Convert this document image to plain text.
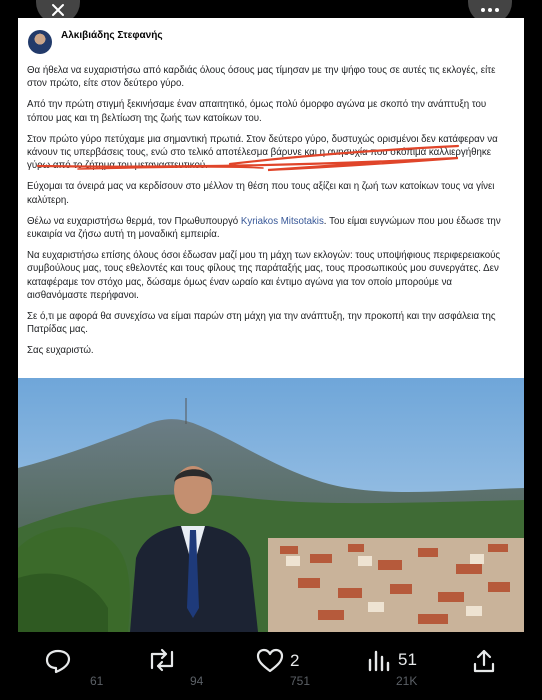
Αλκιβιάδης Στεφανής

Θα ήθελα να ευχαριστήσω από καρδιάς όλους όσους μας τίμησαν με την ψήφο τους σε αυτές τις εκλογές, είτε στον πρώτο, είτε στον δεύτερο γύρο.

Από την πρώτη στιγμή ξεκινήσαμε έναν απαιτητικό, όμως πολύ όμορφο αγώνα με σκοπό την ανάπτυξη του τόπου μας και τη βελτίωση της ζωής των κατοίκων του.

Στον πρώτο γύρο πετύχαμε μια σημαντική πρωτιά. Στον δεύτερο γύρο, δυστυχώς ορισμένοι δεν κατάφεραν να κάνουν τις υπερβάσεις τους, ενώ στο τελικό αποτέλεσμα βάρυνε και η ανησυχία που σκόπιμα καλλιεργήθηκε γύρω από το ζήτημα του μεταναστευτικού.

Εύχομαι τα όνειρά μας να κερδίσουν στο μέλλον τη θέση που τους αξίζει και η ζωή των κατοίκων τους να γίνει καλύτερη.

Θέλω να ευχαριστήσω θερμά, τον Πρωθυπουργό Kyriakos Mitsotakis. Του είμαι ευγνώμων που μου έδωσε την ευκαιρία να ζήσω αυτή τη μοναδική εμπειρία.

Να ευχαριστήσω επίσης όλους όσοι έδωσαν μαζί μου τη μάχη των εκλογών: τους υποψήφιους περιφερειακούς συμβούλους μας, τους εθελοντές και τους φίλους της παράταξής μας, τους προσωπικούς μου συνεργάτες. Δεν καταφέραμε τον στόχο μας, δώσαμε όμως έναν ωραίο και έντιμο αγώνα για τον οποίο μπορούμε να αισθανόμαστε περήφανοι.

Σε ό,τι με αφορά θα συνεχίσω να είμαι παρών στη μάχη για την ανάπτυξη, την προκοπή και την ασφάλεια της Πατρίδας μας.

Σας ευχαριστώ.

61	94
2
751
51
21K
